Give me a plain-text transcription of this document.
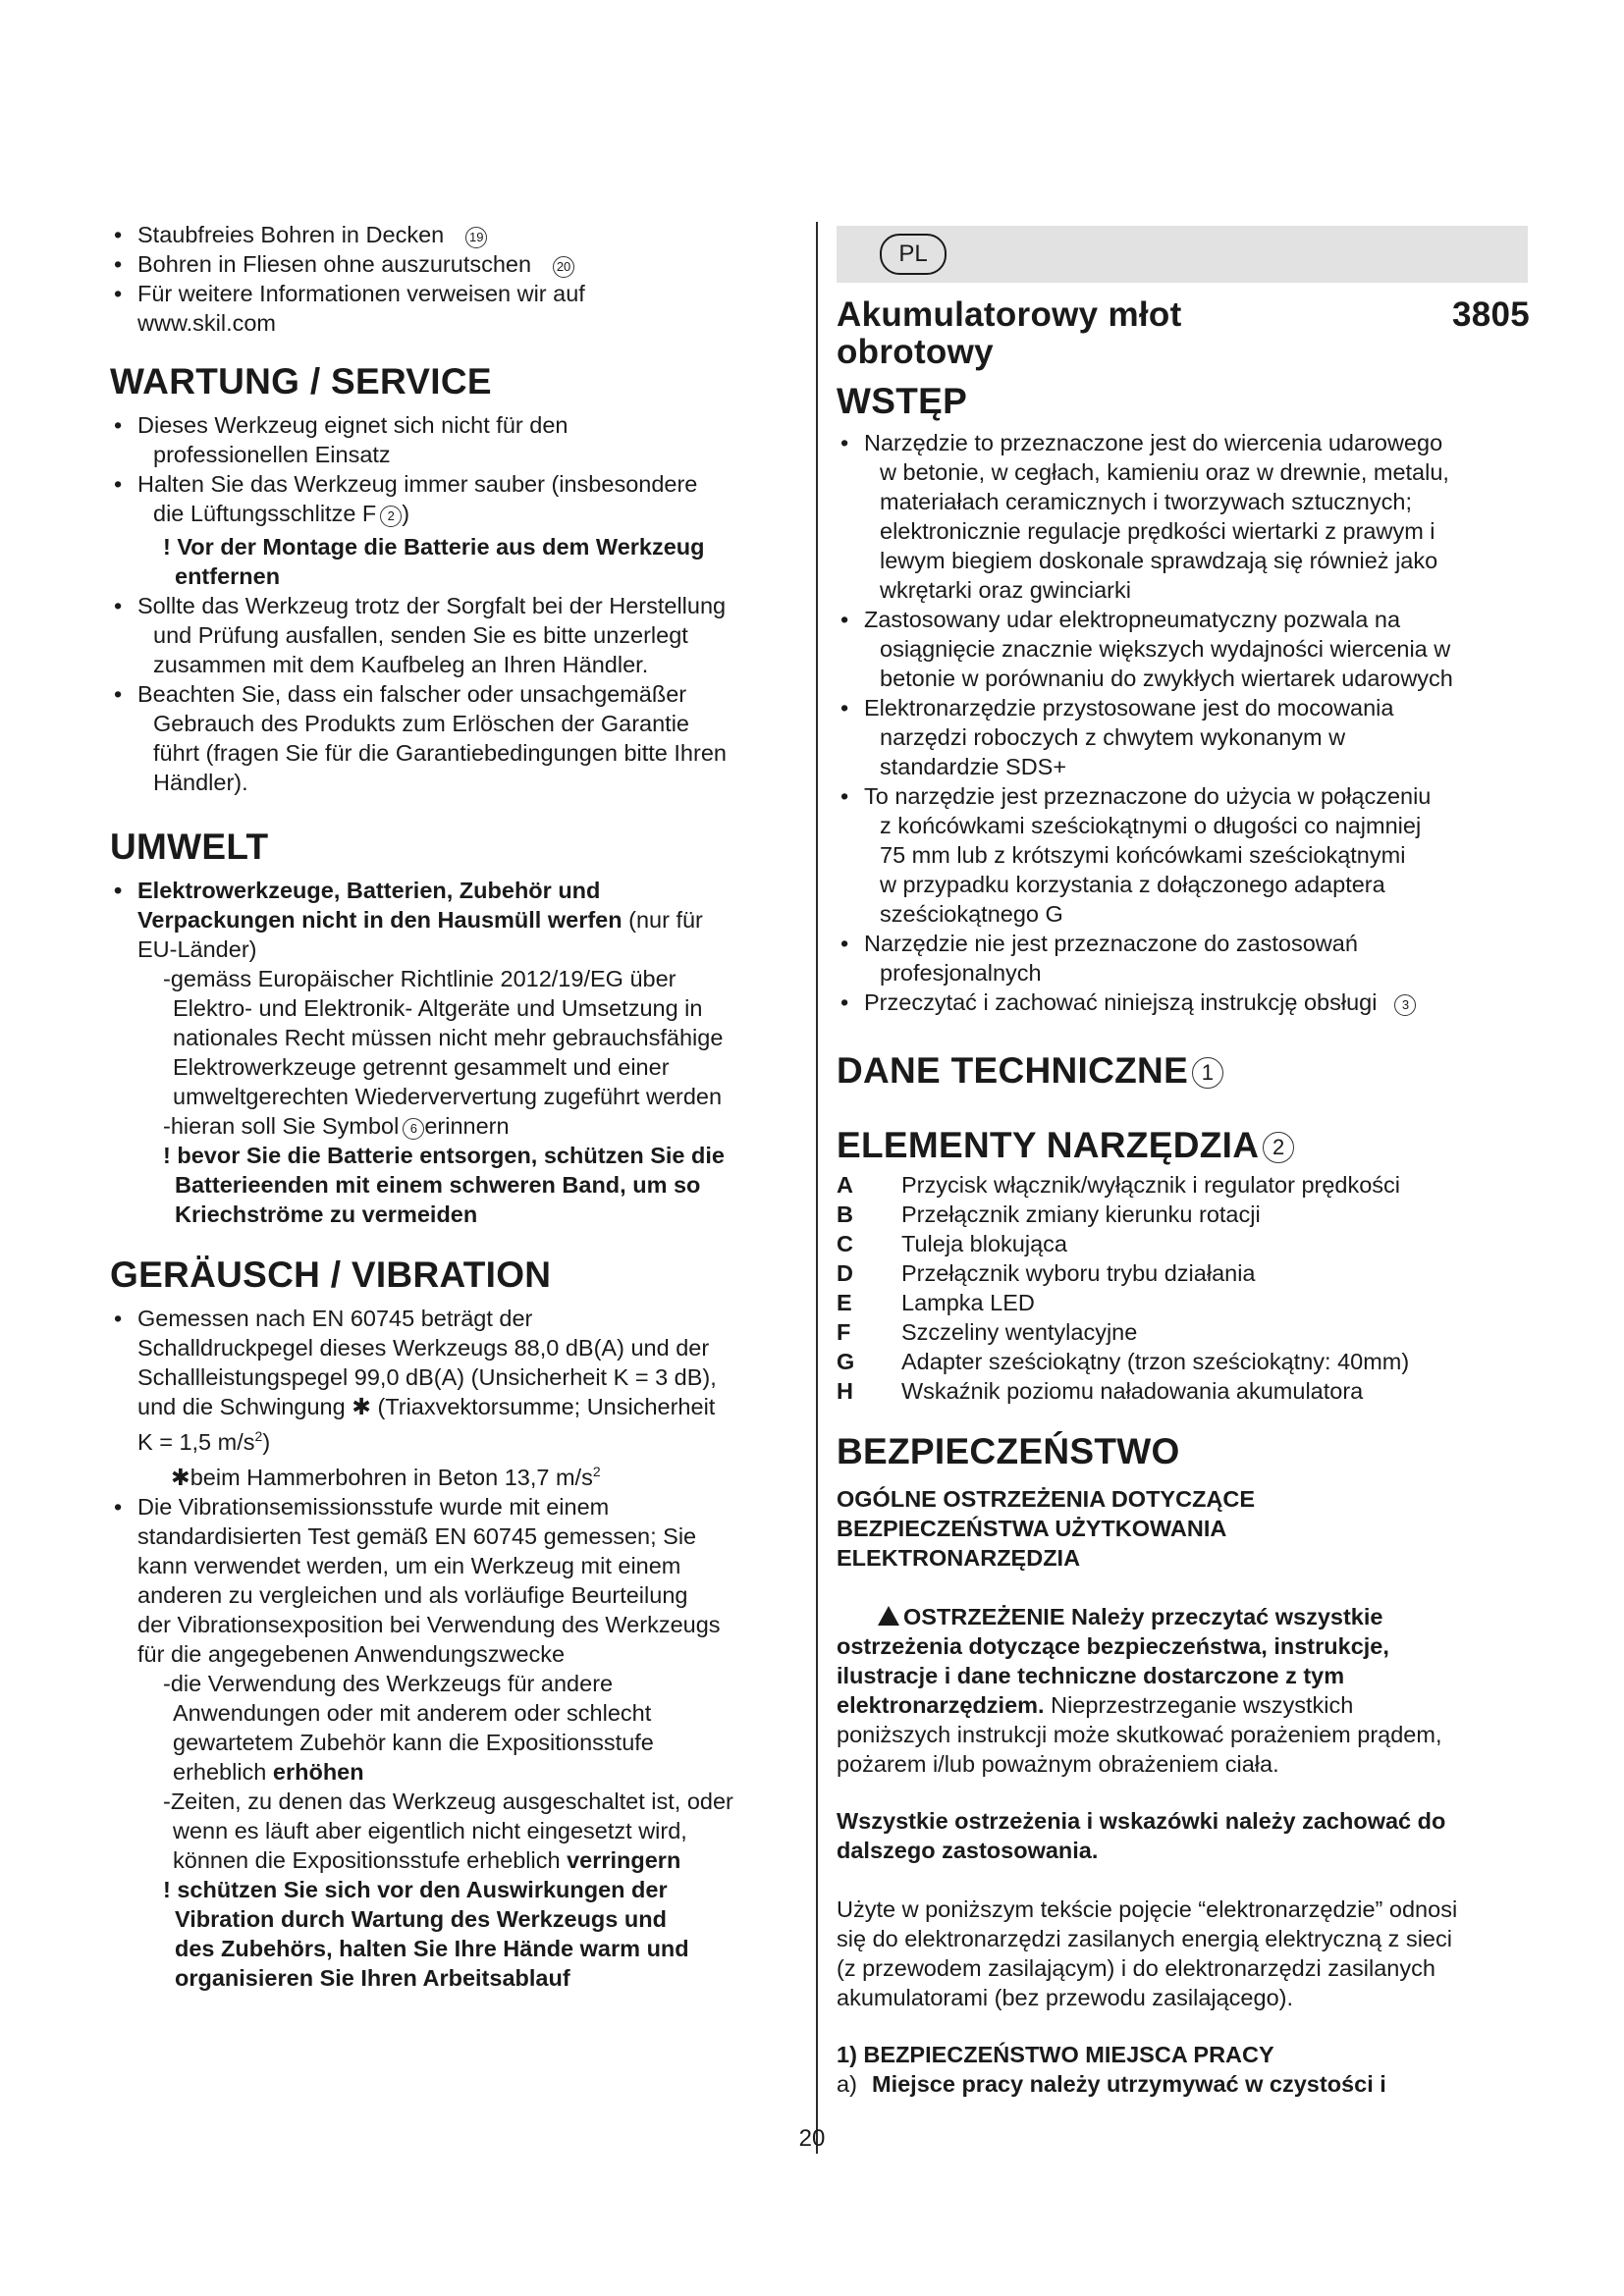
• Staubfreies Bohren in Decken 19
• Bohren in Fliesen ohne auszurutschen 20
• Für weitere Informationen verweisen wir auf
www.skil.com
WARTUNG / SERVICE
• Dieses Werkzeug eignet sich nicht für den
professionellen Einsatz
• Halten Sie das Werkzeug immer sauber (insbesondere
die Lüftungsschlitze F 2 )
! Vor der Montage die Batterie aus dem Werkzeug
entfernen
• Sollte das Werkzeug trotz der Sorgfalt bei der Herstellung
und Prüfung ausfallen, senden Sie es bitte unzerlegt
zusammen mit dem Kaufbeleg an Ihren Händler.
• Beachten Sie, dass ein falscher oder unsachgemäßer
Gebrauch des Produkts zum Erlöschen der Garantie
führt (fragen Sie für die Garantiebedingungen bitte Ihren
Händler).
UMWELT
• Elektrowerkzeuge, Batterien, Zubehör und
Verpackungen nicht in den Hausmüll werfen (nur für
EU-Länder)
-gemäss Europäischer Richtlinie 2012/19/EG über
Elektro- und Elektronik- Altgeräte und Umsetzung in
nationales Recht müssen nicht mehr gebrauchsfähige
Elektrowerkzeuge getrennt gesammelt und einer
umweltgerechten Wiederververtung zugeführt werden
-hieran soll Sie Symbol 6 erinnern
! bevor Sie die Batterie entsorgen, schützen Sie die
Batterieenden mit einem schweren Band, um so
Kriechströme zu vermeiden
GERÄUSCH / VIBRATION
• Gemessen nach EN 60745 beträgt der
Schalldruckpegel dieses Werkzeugs 88,0 dB(A) und der
Schallleistungspegel 99,0 dB(A) (Unsicherheit K = 3 dB),
und die Schwingung ✱ (Triaxvektorsumme; Unsicherheit
K = 1,5 $m/s^2$)
✱beim Hammerbohren in Beton 13,7 $m/s^2$
• Die Vibrationsemissionsstufe wurde mit einem
standardisierten Test gemäß EN 60745 gemessen; Sie
kann verwendet werden, um ein Werkzeug mit einem
anderen zu vergleichen und als vorläufige Beurteilung
der Vibrationsexposition bei Verwendung des Werkzeugs
für die angegebenen Anwendungszwecke
-die Verwendung des Werkzeugs für andere
Anwendungen oder mit anderem oder schlecht
gewartetem Zubehör kann die Expositionsstufe
erheblich erhöhen
-Zeiten, zu denen das Werkzeug ausgeschaltet ist, oder
wenn es läuft aber eigentlich nicht eingesetzt wird,
können die Expositionsstufe erheblich verringern
! schützen Sie sich vor den Auswirkungen der
Vibration durch Wartung des Werkzeugs und
des Zubehörs, halten Sie Ihre Hände warm und
organisieren Sie Ihren Arbeitsablauf
PL
Akumulatorowy młot
obrotowy
3805
WSTĘP
• Narzędzie to przeznaczone jest do wiercenia udarowego
w betonie, w cegłach, kamieniu oraz w drewnie, metalu,
materiałach ceramicznych i tworzywach sztucznych;
elektronicznie regulacje prędkości wiertarki z prawym i
lewym biegiem doskonale sprawdzają się również jako
wkrętarki oraz gwinciarki
• Zastosowany udar elektropneumatyczny pozwala na
osiągnięcie znacznie większych wydajności wiercenia w
betonie w porównaniu do zwykłych wiertarek udarowych
• Elektronarzędzie przystosowane jest do mocowania
narzędzi roboczych z chwytem wykonanym w
standardzie SDS+
• To narzędzie jest przeznaczone do użycia w połączeniu
z końcówkami sześciokątnymi o długości co najmniej
75 mm lub z krótszymi końcówkami sześciokątnymi
w przypadku korzystania z dołączonego adaptera
sześciokątnego G
• Narzędzie nie jest przeznaczone do zastosowań
profesjonalnych
• Przeczytać i zachować niniejszą instrukcję obsługi 3
DANE TECHNICZNE 1
ELEMENTY NARZĘDZIA 2
A	Przycisk włącznik/wyłącznik i regulator prędkości
B	Przełącznik zmiany kierunku rotacji
C	Tuleja blokująca
D	Przełącznik wyboru trybu działania
E	Lampka LED
F	Szczeliny wentylacyjne
G	Adapter sześciokątny (trzon sześciokątny: 40mm)
H	Wskaźnik poziomu naładowania akumulatora
BEZPIECZEŃSTWO
OGÓLNE OSTRZEŻENIA DOTYCZĄCE
BEZPIECZEŃSTWA UŻYTKOWANIA
ELEKTRONARZĘDZIA
OSTRZEŻENIE Należy przeczytać wszystkie
ostrzeżenia dotyczące bezpieczeństwa, instrukcje,
ilustracje i dane techniczne dostarczone z tym
elektronarzędziem. Nieprzestrzeganie wszystkich
poniższych instrukcji może skutkować porażeniem prądem,
pożarem i/lub poważnym obrażeniem ciała.
Wszystkie ostrzeżenia i wskazówki należy zachować do
dalszego zastosowania.
Użyte w poniższym tekście pojęcie “elektronarzędzie” odnosi
się do elektronarzędzi zasilanych energią elektryczną z sieci
(z przewodem zasilającym) i do elektronarzędzi zasilanych
akumulatorami (bez przewodu zasilającego).
1) BEZPIECZEŃSTWO MIEJSCA PRACY
a) Miejsce pracy należy utrzymywać w czystości i
20
